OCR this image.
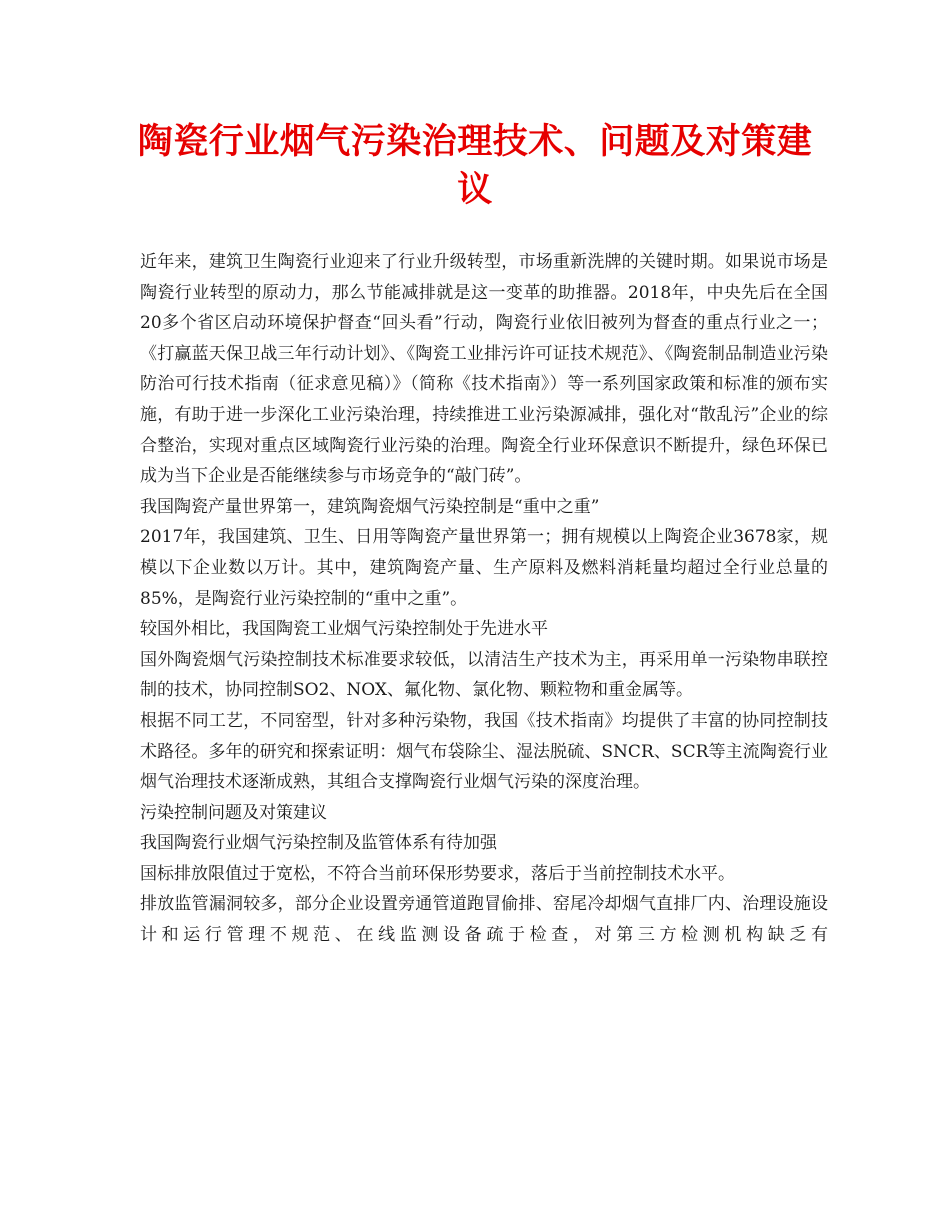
陶瓷行业烟气污染治理技术、问题及对策建议

近年来，建筑卫生陶瓷行业迎来了行业升级转型，市场重新洗牌的关键时期。如果说市场是陶瓷行业转型的原动力，那么节能减排就是这一变革的助推器。2018年，中央先后在全国20多个省区启动环境保护督查“回头看”行动，陶瓷行业依旧被列为督查的重点行业之一；《打赢蓝天保卫战三年行动计划》、《陶瓷工业排污许可证技术规范》、《陶瓷制品制造业污染防治可行技术指南（征求意见稿）》（简称《技术指南》）等一系列国家政策和标准的颁布实施，有助于进一步深化工业污染治理，持续推进工业污染源减排，强化对“散乱污”企业的综合整治，实现对重点区域陶瓷行业污染的治理。陶瓷全行业环保意识不断提升，绿色环保已成为当下企业是否能继续参与市场竞争的“敲门砖”。

我国陶瓷产量世界第一，建筑陶瓷烟气污染控制是“重中之重”

2017年，我国建筑、卫生、日用等陶瓷产量世界第一；拥有规模以上陶瓷企业3678家，规模以下企业数以万计。其中，建筑陶瓷产量、生产原料及燃料消耗量均超过全行业总量的85%，是陶瓷行业污染控制的“重中之重”。

较国外相比，我国陶瓷工业烟气污染控制处于先进水平

国外陶瓷烟气污染控制技术标准要求较低，以清洁生产技术为主，再采用单一污染物串联控制的技术，协同控制SO2、NOX、氟化物、氯化物、颗粒物和重金属等。

根据不同工艺，不同窑型，针对多种污染物，我国《技术指南》均提供了丰富的协同控制技术路径。多年的研究和探索证明：烟气布袋除尘、湿法脱硫、SNCR、SCR等主流陶瓷行业烟气治理技术逐渐成熟，其组合支撑陶瓷行业烟气污染的深度治理。

污染控制问题及对策建议

我国陶瓷行业烟气污染控制及监管体系有待加强

国标排放限值过于宽松，不符合当前环保形势要求，落后于当前控制技术水平。

排放监管漏洞较多，部分企业设置旁通管道跑冒偷排、窑尾冷却烟气直排厂内、治理设施设计和运行管理不规范、在线监测设备疏于检查，对第三方检测机构缺乏有
